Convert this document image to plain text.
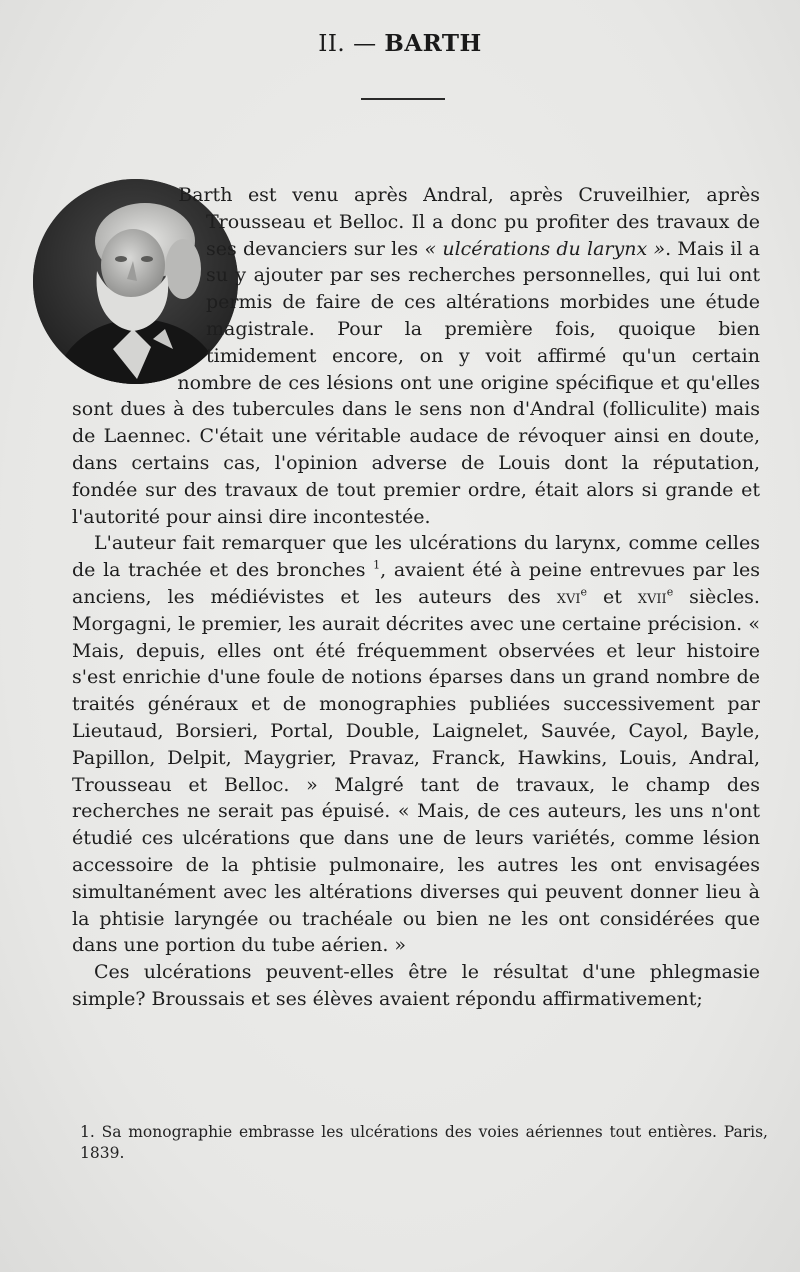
II. — BARTH

Barth est venu après Andral, après Cruveilhier, après Trousseau et Belloc. Il a donc pu profiter des travaux de ses devanciers sur les « ulcérations du larynx ». Mais il a su y ajouter par ses recherches personnelles, qui lui ont permis de faire de ces altérations morbides une étude magistrale. Pour la première fois, quoique bien timidement encore, on y voit affirmé qu'un certain nombre de ces lésions ont une origine spécifique et qu'elles sont dues à des tubercules dans le sens non d'Andral (folliculite) mais de Laennec. C'était une véritable audace de révoquer ainsi en doute, dans certains cas, l'opinion adverse de Louis dont la réputation, fondée sur des travaux de tout premier ordre, était alors si grande et l'autorité pour ainsi dire incontestée.

L'auteur fait remarquer que les ulcérations du larynx, comme celles de la trachée et des bronches $^1$, avaient été à peine entrevues par les anciens, les médiévistes et les auteurs des xvi$^e$ et xvii$^e$ siècles. Morgagni, le premier, les aurait décrites avec une certaine précision. « Mais, depuis, elles ont été fréquemment observées et leur histoire s'est enrichie d'une foule de notions éparses dans un grand nombre de traités généraux et de monographies publiées successivement par Lieutaud, Borsieri, Portal, Double, Laignelet, Sauvée, Cayol, Bayle, Papillon, Delpit, Maygrier, Pravaz, Franck, Hawkins, Louis, Andral, Trousseau et Belloc. » Malgré tant de travaux, le champ des recherches ne serait pas épuisé. « Mais, de ces auteurs, les uns n'ont étudié ces ulcérations que dans une de leurs variétés, comme lésion accessoire de la phtisie pulmonaire, les autres les ont envisagées simultanément avec les altérations diverses qui peuvent donner lieu à la phtisie laryngée ou trachéale ou bien ne les ont considérées que dans une portion du tube aérien. »

Ces ulcérations peuvent-elles être le résultat d'une phlegmasie simple? Broussais et ses élèves avaient répondu affirmativement;

1. Sa monographie embrasse les ulcérations des voies aériennes tout entières. Paris, 1839.
